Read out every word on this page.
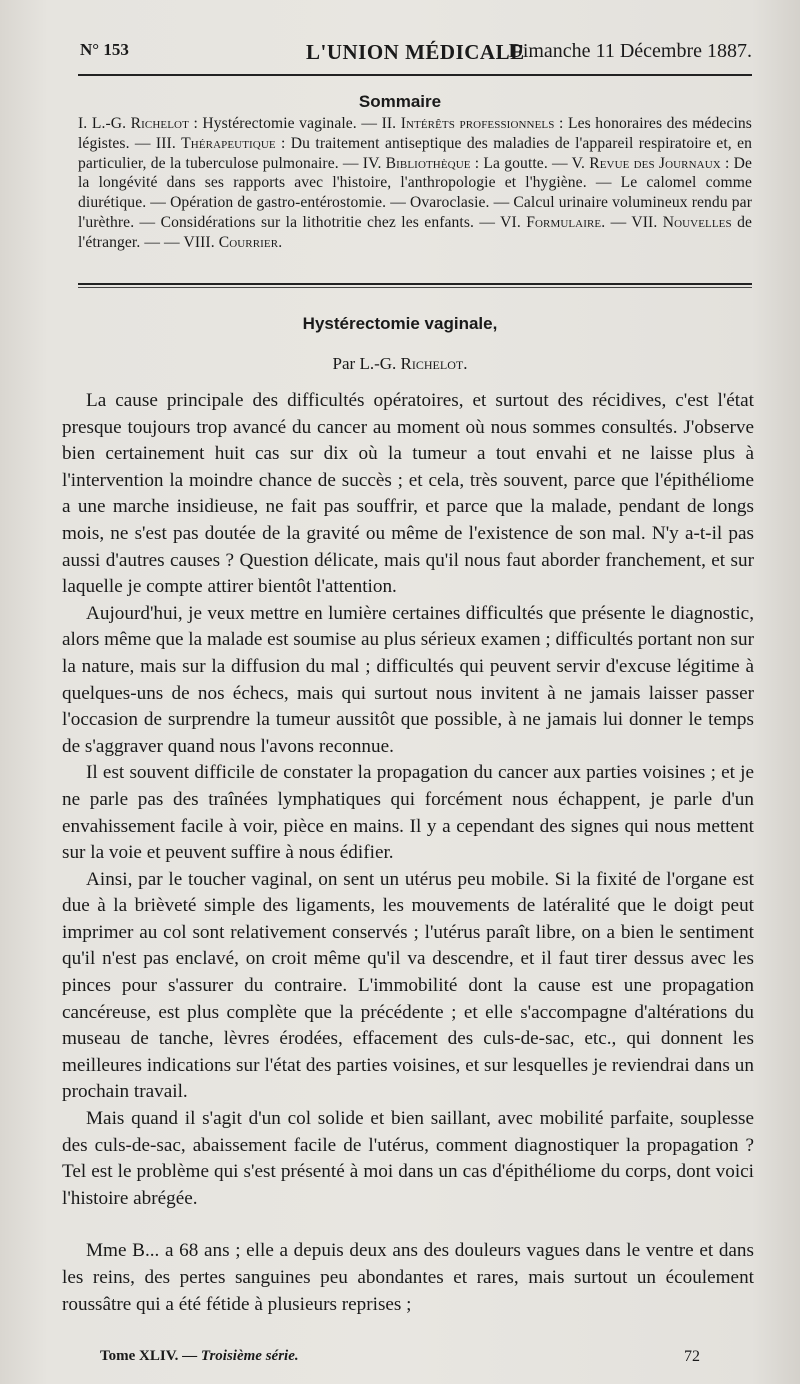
N° 153	L'UNION MÉDICALE
Dimanche 11 Décembre 1887.
Sommaire
I. L.-G. Richelot : Hystérectomie vaginale. — II. Intérêts professionnels : Les honoraires des médecins légistes. — III. Thérapeutique : Du traitement antiseptique des maladies de l'appareil respiratoire et, en particulier, de la tuberculose pulmonaire. — IV. Bibliothèque : La goutte. — V. Revue des Journaux : De la longévité dans ses rapports avec l'histoire, l'anthropologie et l'hygiène. — Le calomel comme diurétique. — Opération de gastro-entérostomie. — Ovaroclasie. — Calcul urinaire volumineux rendu par l'urèthre. — Considérations sur la lithotritie chez les enfants. — VI. Formulaire. — VII. Nouvelles de l'étranger. — — VIII. Courrier.
Hystérectomie vaginale,
Par L.-G. Richelot.

La cause principale des difficultés opératoires, et surtout des récidives, c'est l'état presque toujours trop avancé du cancer au moment où nous sommes consultés. J'observe bien certainement huit cas sur dix où la tumeur a tout envahi et ne laisse plus à l'intervention la moindre chance de succès ; et cela, très souvent, parce que l'épithéliome a une marche insidieuse, ne fait pas souffrir, et parce que la malade, pendant de longs mois, ne s'est pas doutée de la gravité ou même de l'existence de son mal. N'y a-t-il pas aussi d'autres causes ? Question délicate, mais qu'il nous faut aborder franchement, et sur laquelle je compte attirer bientôt l'attention.

Aujourd'hui, je veux mettre en lumière certaines difficultés que présente le diagnostic, alors même que la malade est soumise au plus sérieux examen ; difficultés portant non sur la nature, mais sur la diffusion du mal ; difficultés qui peuvent servir d'excuse légitime à quelques-uns de nos échecs, mais qui surtout nous invitent à ne jamais laisser passer l'occasion de surprendre la tumeur aussitôt que possible, à ne jamais lui donner le temps de s'aggraver quand nous l'avons reconnue.

Il est souvent difficile de constater la propagation du cancer aux parties voisines ; et je ne parle pas des traînées lymphatiques qui forcément nous échappent, je parle d'un envahissement facile à voir, pièce en mains. Il y a cependant des signes qui nous mettent sur la voie et peuvent suffire à nous édifier.

Ainsi, par le toucher vaginal, on sent un utérus peu mobile. Si la fixité de l'organe est due à la brièveté simple des ligaments, les mouvements de latéralité que le doigt peut imprimer au col sont relativement conservés ; l'utérus paraît libre, on a bien le sentiment qu'il n'est pas enclavé, on croit même qu'il va descendre, et il faut tirer dessus avec les pinces pour s'assurer du contraire. L'immobilité dont la cause est une propagation cancéreuse, est plus complète que la précédente ; et elle s'accompagne d'altérations du museau de tanche, lèvres érodées, effacement des culs-de-sac, etc., qui donnent les meilleures indications sur l'état des parties voisines, et sur lesquelles je reviendrai dans un prochain travail.

Mais quand il s'agit d'un col solide et bien saillant, avec mobilité parfaite, souplesse des culs-de-sac, abaissement facile de l'utérus, comment diagnostiquer la propagation ? Tel est le problème qui s'est présenté à moi dans un cas d'épithéliome du corps, dont voici l'histoire abrégée.

Mme B... a 68 ans ; elle a depuis deux ans des douleurs vagues dans le ventre et dans les reins, des pertes sanguines peu abondantes et rares, mais surtout un écoulement roussâtre qui a été fétide à plusieurs reprises ;

Tome XLIV. — Troisième série.	72
